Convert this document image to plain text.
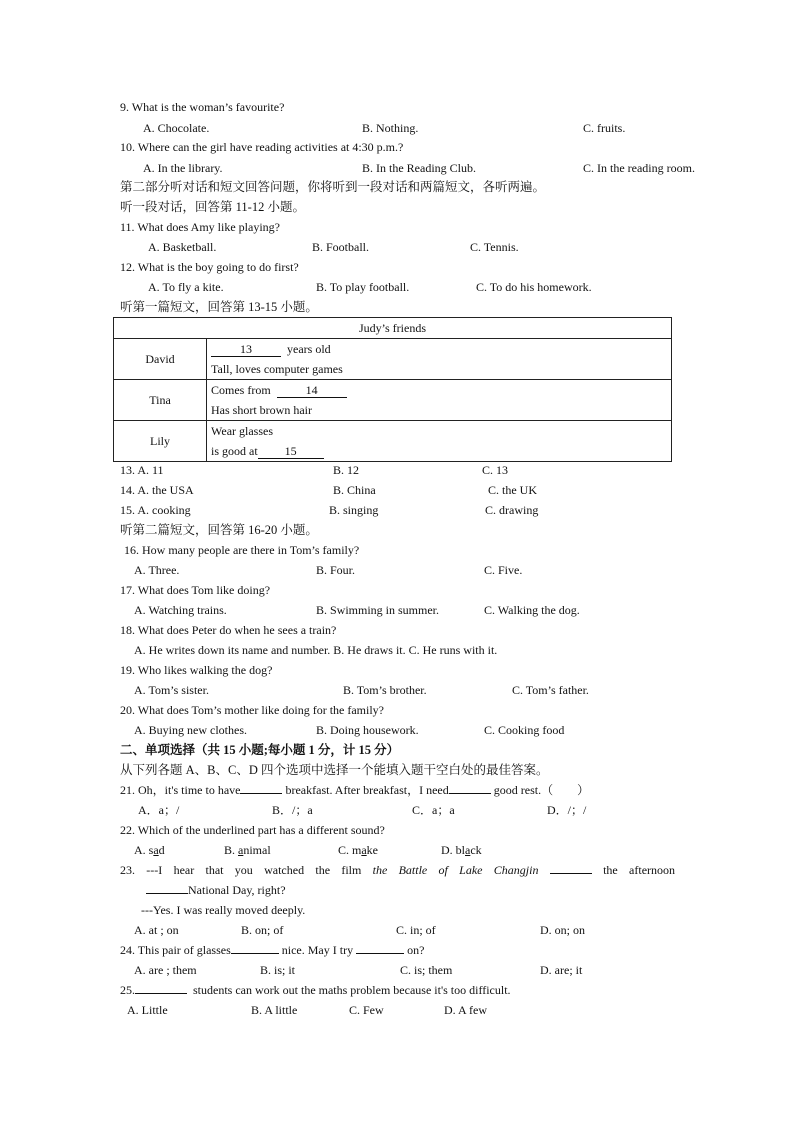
9. What is the woman’s favourite?
A. Chocolate.	B. Nothing.	C. fruits.
10. Where can the girl have reading activities at 4:30 p.m.?
A. In the library.	B. In the Reading Club.	C. In the reading room.
第二部分听对话和短文回答问题，你将听到一段对话和两篇短文，各听两遍。
听一段对话，回答第 11-12 小题。
11. What does Amy like playing?
A. Basketball.	B. Football.	C. Tennis.
12. What is the boy going to do first?
A. To fly a kite.	B. To play football.	C. To do his homework.
听第一篇短文，回答第 13-15 小题。
Judy’s friends	
David	13 years old
Tall, loves computer games

Tina	Comes from 14
Has short brown hair

Lily	Wear glasses
is good at 15
13. A. 11	B. 12	C. 13
14. A. the USA	B. China	C. the UK
15. A. cooking	B. singing	C. drawing
听第二篇短文，回答第 16-20 小题。
16. How many people are there in Tom’s family?
A. Three.	B. Four.	C. Five.
17. What does Tom like doing?
A. Watching trains.	B. Swimming in summer.	C. Walking the dog.
18. What does Peter do when he sees a train?
A. He writes down its name and number. B. He draws it. C. He runs with it.
19. Who likes walking the dog?
A. Tom’s sister.	B. Tom’s brother.	C. Tom’s father.
20. What does Tom’s mother like doing for the family?
A. Buying new clothes.	B. Doing housework.	C. Cooking food
二、单项选择（共 15 小题;每小题 1 分，计 15 分）
从下列各题 A、B、C、D 四个选项中选择一个能填入题干空白处的最佳答案。
21. Oh，it's time to have	breakfast. After breakfast，I need	good rest.（　　）
A．a；/	B．/；a	C．a；a	D．/；/
22. Which of the underlined part has a different sound?
A. sad	B. animal	C. make	D. black
23. ---I hear that you watched the film the Battle of Lake Changjin	the afternoon
National Day, right?
---Yes. I was really moved deeply.
A. at ; on	B. on; of	C. in; of	D. on; on
24. This pair of glasses	nice. May I try	on?
A. are ; them	B. is; it	C. is; them	D. are; it
25.	students can work out the maths problem because it's too difficult.
A. Little	B. A little	C. Few	D. A few
